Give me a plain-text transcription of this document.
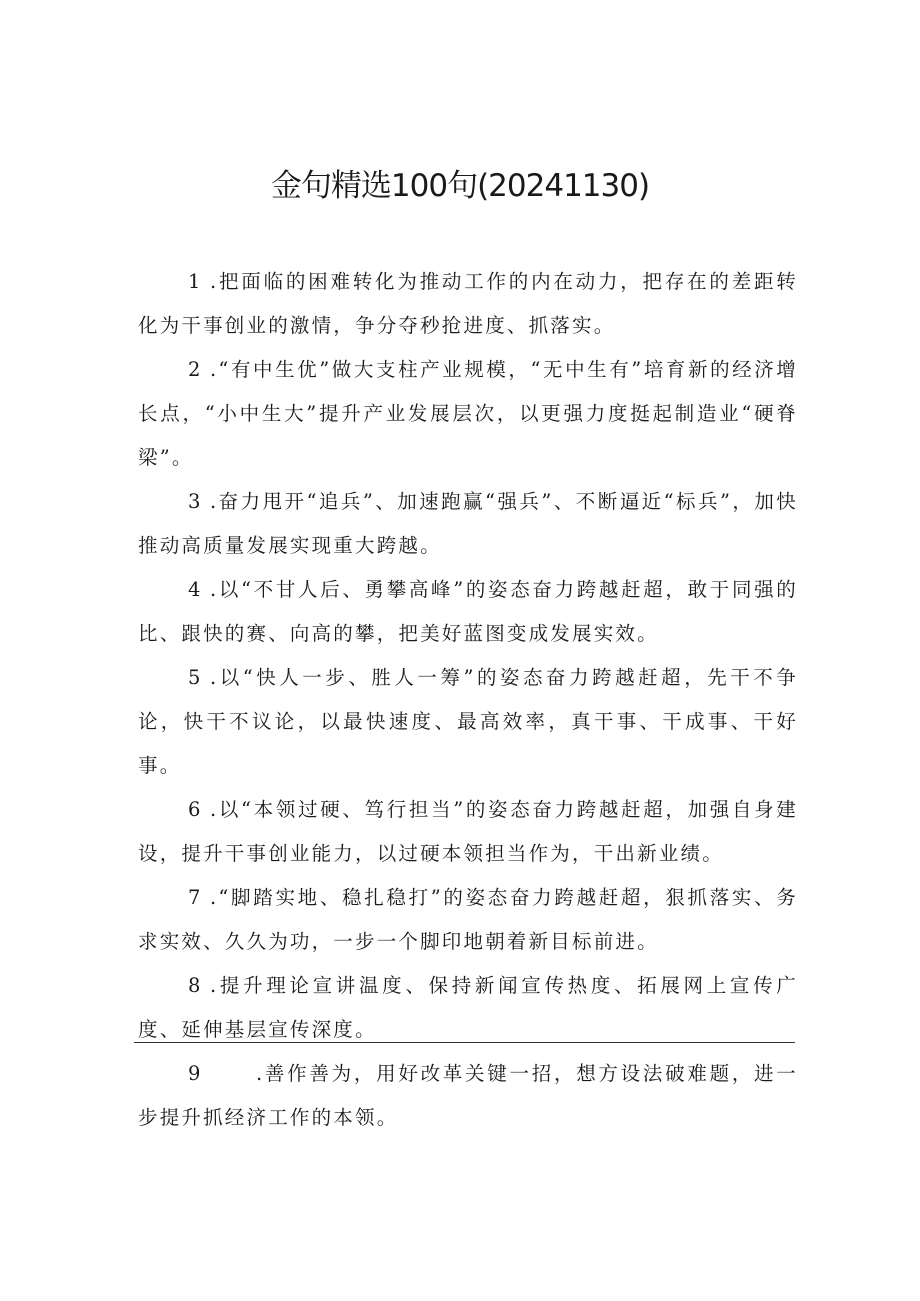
金句精选100句(20241130)

1 .把面临的困难转化为推动工作的内在动力，把存在的差距转化为干事创业的激情，争分夺秒抢进度、抓落实。

2 .“有中生优”做大支柱产业规模，“无中生有”培育新的经济增长点，“小中生大”提升产业发展层次，以更强力度挺起制造业“硬脊梁”。

3 .奋力甩开“追兵”、加速跑赢“强兵”、不断逼近“标兵”，加快推动高质量发展实现重大跨越。

4 .以“不甘人后、勇攀高峰”的姿态奋力跨越赶超，敢于同强的比、跟快的赛、向高的攀，把美好蓝图变成发展实效。

5 .以“快人一步、胜人一筹”的姿态奋力跨越赶超，先干不争论，快干不议论，以最快速度、最高效率，真干事、干成事、干好事。

6 .以“本领过硬、笃行担当”的姿态奋力跨越赶超，加强自身建设，提升干事创业能力，以过硬本领担当作为，干出新业绩。

7 .“脚踏实地、稳扎稳打”的姿态奋力跨越赶超，狠抓落实、务求实效、久久为功，一步一个脚印地朝着新目标前进。

8 .提升理论宣讲温度、保持新闻宣传热度、拓展网上宣传广度、延伸基层宣传深度。

9	.善作善为，用好改革关键一招，想方设法破难题，进一步提升抓经济工作的本领。
